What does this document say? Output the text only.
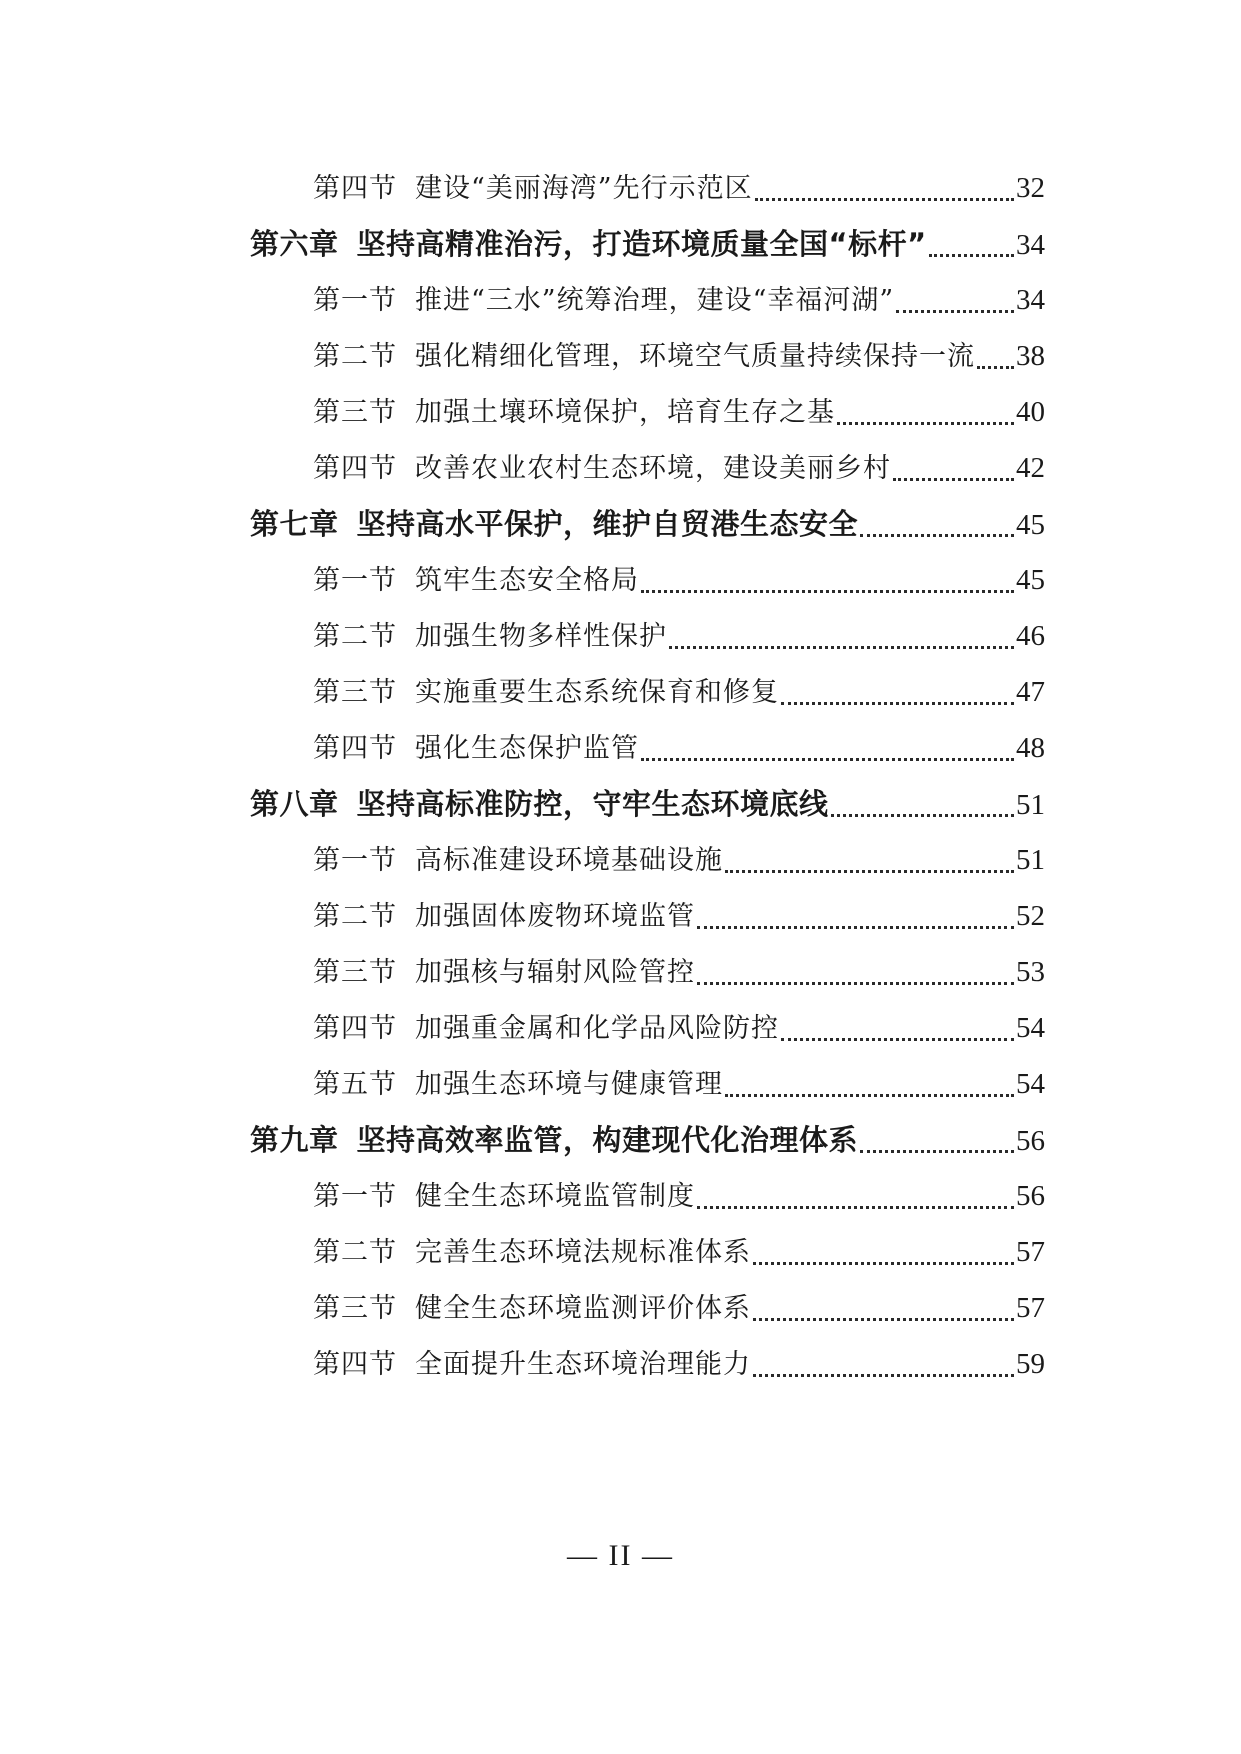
第四节 建设“美丽海湾”先行示范区	32
第六章 坚持高精准治污，打造环境质量全国“标杆”	34
第一节 推进“三水”统筹治理，建设“幸福河湖”	34
第二节 强化精细化管理，环境空气质量持续保持一流 38
第三节 加强土壤环境保护，培育生存之基	40
第四节 改善农业农村生态环境，建设美丽乡村	42
第七章 坚持高水平保护，维护自贸港生态安全	45
第一节 筑牢生态安全格局	45
第二节 加强生物多样性保护	46
第三节 实施重要生态系统保育和修复	47
第四节 强化生态保护监管	48
第八章 坚持高标准防控，守牢生态环境底线	51
第一节 高标准建设环境基础设施	51
第二节 加强固体废物环境监管	52
第三节 加强核与辐射风险管控	53
第四节 加强重金属和化学品风险防控	54
第五节 加强生态环境与健康管理	54
第九章 坚持高效率监管，构建现代化治理体系	56
第一节 健全生态环境监管制度	56
第二节 完善生态环境法规标准体系	57
第三节 健全生态环境监测评价体系	57
第四节 全面提升生态环境治理能力	59
— II —
